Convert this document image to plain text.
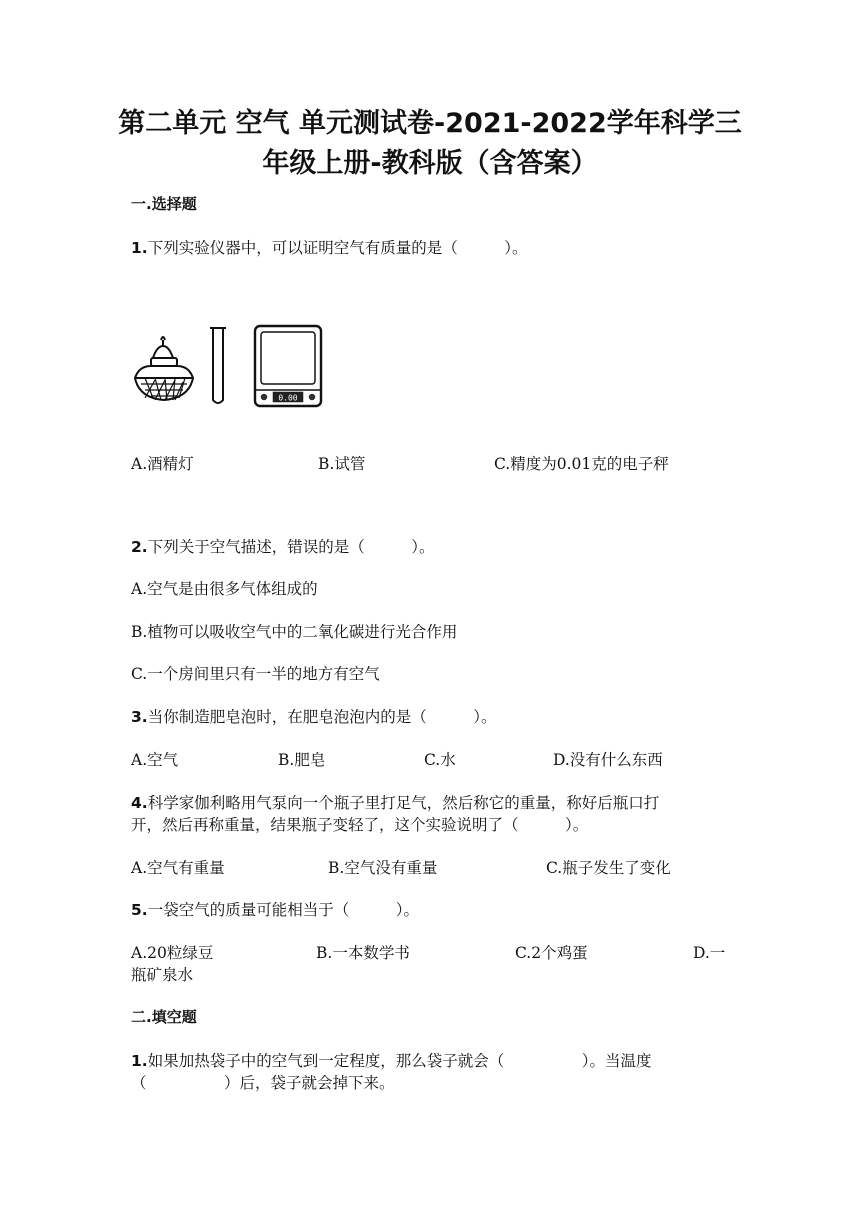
第二单元 空气 单元测试卷-2021-2022学年科学三
年级上册-教科版（含答案）
一.选择题
1.下列实验仪器中，可以证明空气有质量的是（　　　）。
0.00
A.酒精灯	B.试管	C.精度为0.01克的电子秤
2.下列关于空气描述，错误的是（　　　）。
A.空气是由很多气体组成的
B.植物可以吸收空气中的二氧化碳进行光合作用
C.一个房间里只有一半的地方有空气
3.当你制造肥皂泡时，在肥皂泡泡内的是（　　　）。
A.空气	B.肥皂	C.水	D.没有什么东西
4.科学家伽利略用气泵向一个瓶子里打足气，然后称它的重量，称好后瓶口打
开，然后再称重量，结果瓶子变轻了，这个实验说明了（　　　）。
A.空气有重量	B.空气没有重量	C.瓶子发生了变化
5.一袋空气的质量可能相当于（　　　）。
A.20粒绿豆	B.一本数学书	C.2个鸡蛋	D.一
瓶矿泉水
二.填空题
1.如果加热袋子中的空气到一定程度，那么袋子就会（　　　　　）。当温度
（　　　　　）后，袋子就会掉下来。
